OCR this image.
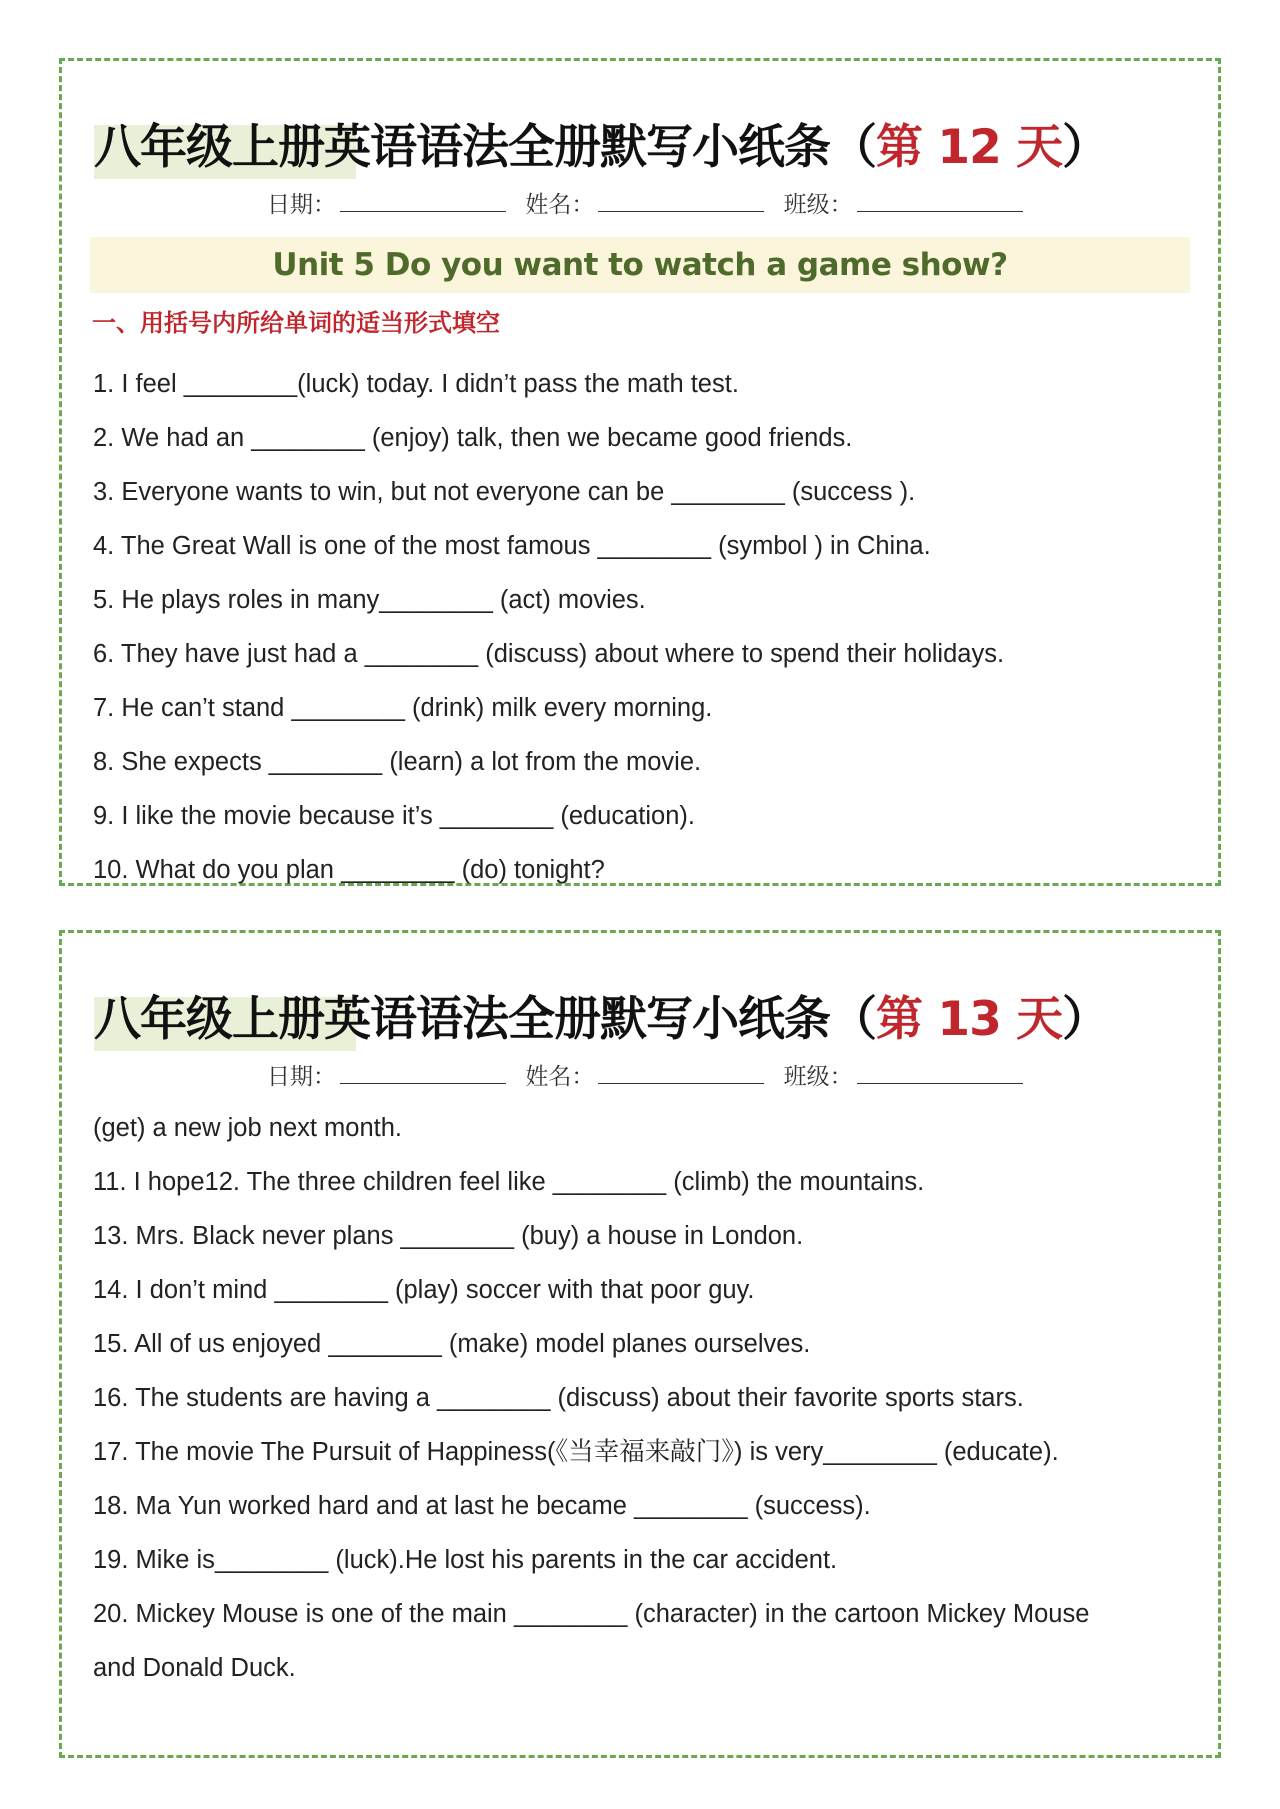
八年级上册英语语法全册默写小纸条（第 12 天）
日期：	姓名：	班级：
Unit 5 Do you want to watch a game show?
一、用括号内所给单词的适当形式填空
1. I feel ________(luck) today. I didn’t pass the math test.
2. We had an ________ (enjoy) talk, then we became good friends.
3. Everyone wants to win, but not everyone can be ________ (success ).
4. The Great Wall is one of the most famous ________ (symbol ) in China.
5. He plays roles in many________ (act) movies.
6. They have just had a ________ (discuss) about where to spend their holidays.
7. He can’t stand ________ (drink) milk every morning.
8. She expects ________ (learn) a lot from the movie.
9. I like the movie because it’s ________ (education).
10. What do you plan ________ (do) tonight?
八年级上册英语语法全册默写小纸条（第 13 天）
日期：	姓名：	班级：
(get) a new job next month.
11. I hope12. The three children feel like ________ (climb) the mountains.
13. Mrs. Black never plans ________ (buy) a house in London.
14. I don’t mind ________ (play) soccer with that poor guy.
15. All of us enjoyed ________ (make) model planes ourselves.
16. The students are having a ________ (discuss) about their favorite sports stars.
17. The movie The Pursuit of Happiness(《当幸福来敲门》) is very________ (educate).
18. Ma Yun worked hard and at last he became ________ (success).
19. Mike is________ (luck).He lost his parents in the car accident.
20. Mickey Mouse is one of the main ________ (character) in the cartoon Mickey Mouse
and Donald Duck.
